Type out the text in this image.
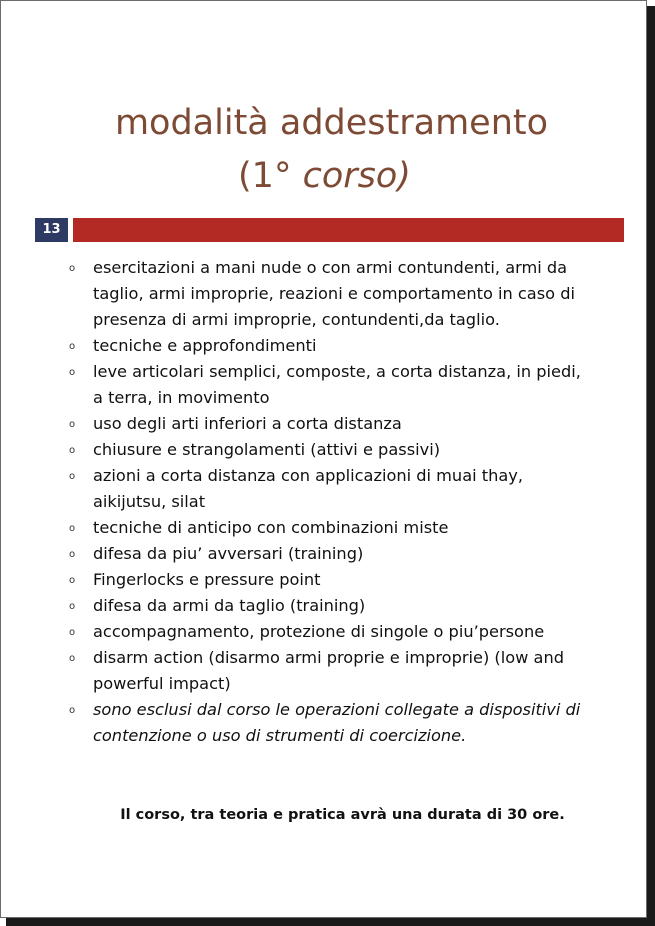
modalità addestramento
(1° corso)
13
o esercitazioni a mani nude o con armi contundenti, armi da taglio, armi improprie, reazioni e comportamento in caso di presenza di armi improprie, contundenti,da taglio.
o tecniche e approfondimenti
o leve articolari semplici, composte, a corta distanza, in piedi, a terra, in movimento
o uso degli arti inferiori a corta distanza
o chiusure e strangolamenti (attivi e passivi)
o azioni a corta distanza con applicazioni di muai thay, aikijutsu, silat
o tecniche di anticipo con combinazioni miste
o difesa da piu’ avversari (training)
o Fingerlocks e pressure point
o difesa da armi da taglio (training)
o accompagnamento, protezione di singole o piu’persone
o disarm action (disarmo armi proprie e improprie) (low and powerful impact)
o sono esclusi dal corso le operazioni collegate a dispositivi di contenzione o uso di strumenti di coercizione.
Il corso, tra teoria e pratica avrà una durata di 30 ore.
